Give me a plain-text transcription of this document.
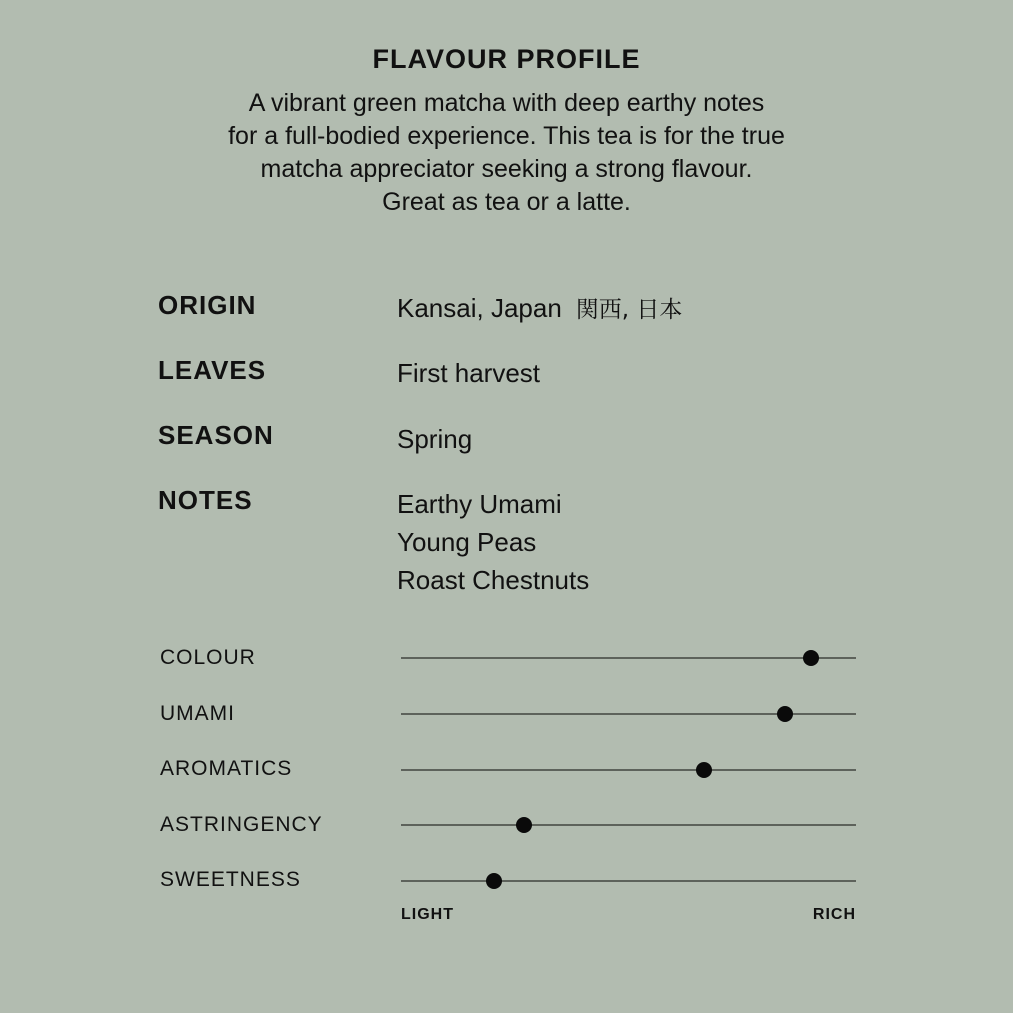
FLAVOUR PROFILE
A vibrant green matcha with deep earthy notes
for a full-bodied experience. This tea is for the true
matcha appreciator seeking a strong flavour.
Great as tea or a latte.
ORIGIN	Kansai, Japan 関西, 日本
LEAVES	First harvest
SEASON	Spring
NOTES	Earthy Umami
Young Peas
Roast Chestnuts
COLOUR
UMAMI
AROMATICS
ASTRINGENCY
SWEETNESS
LIGHT	RICH
